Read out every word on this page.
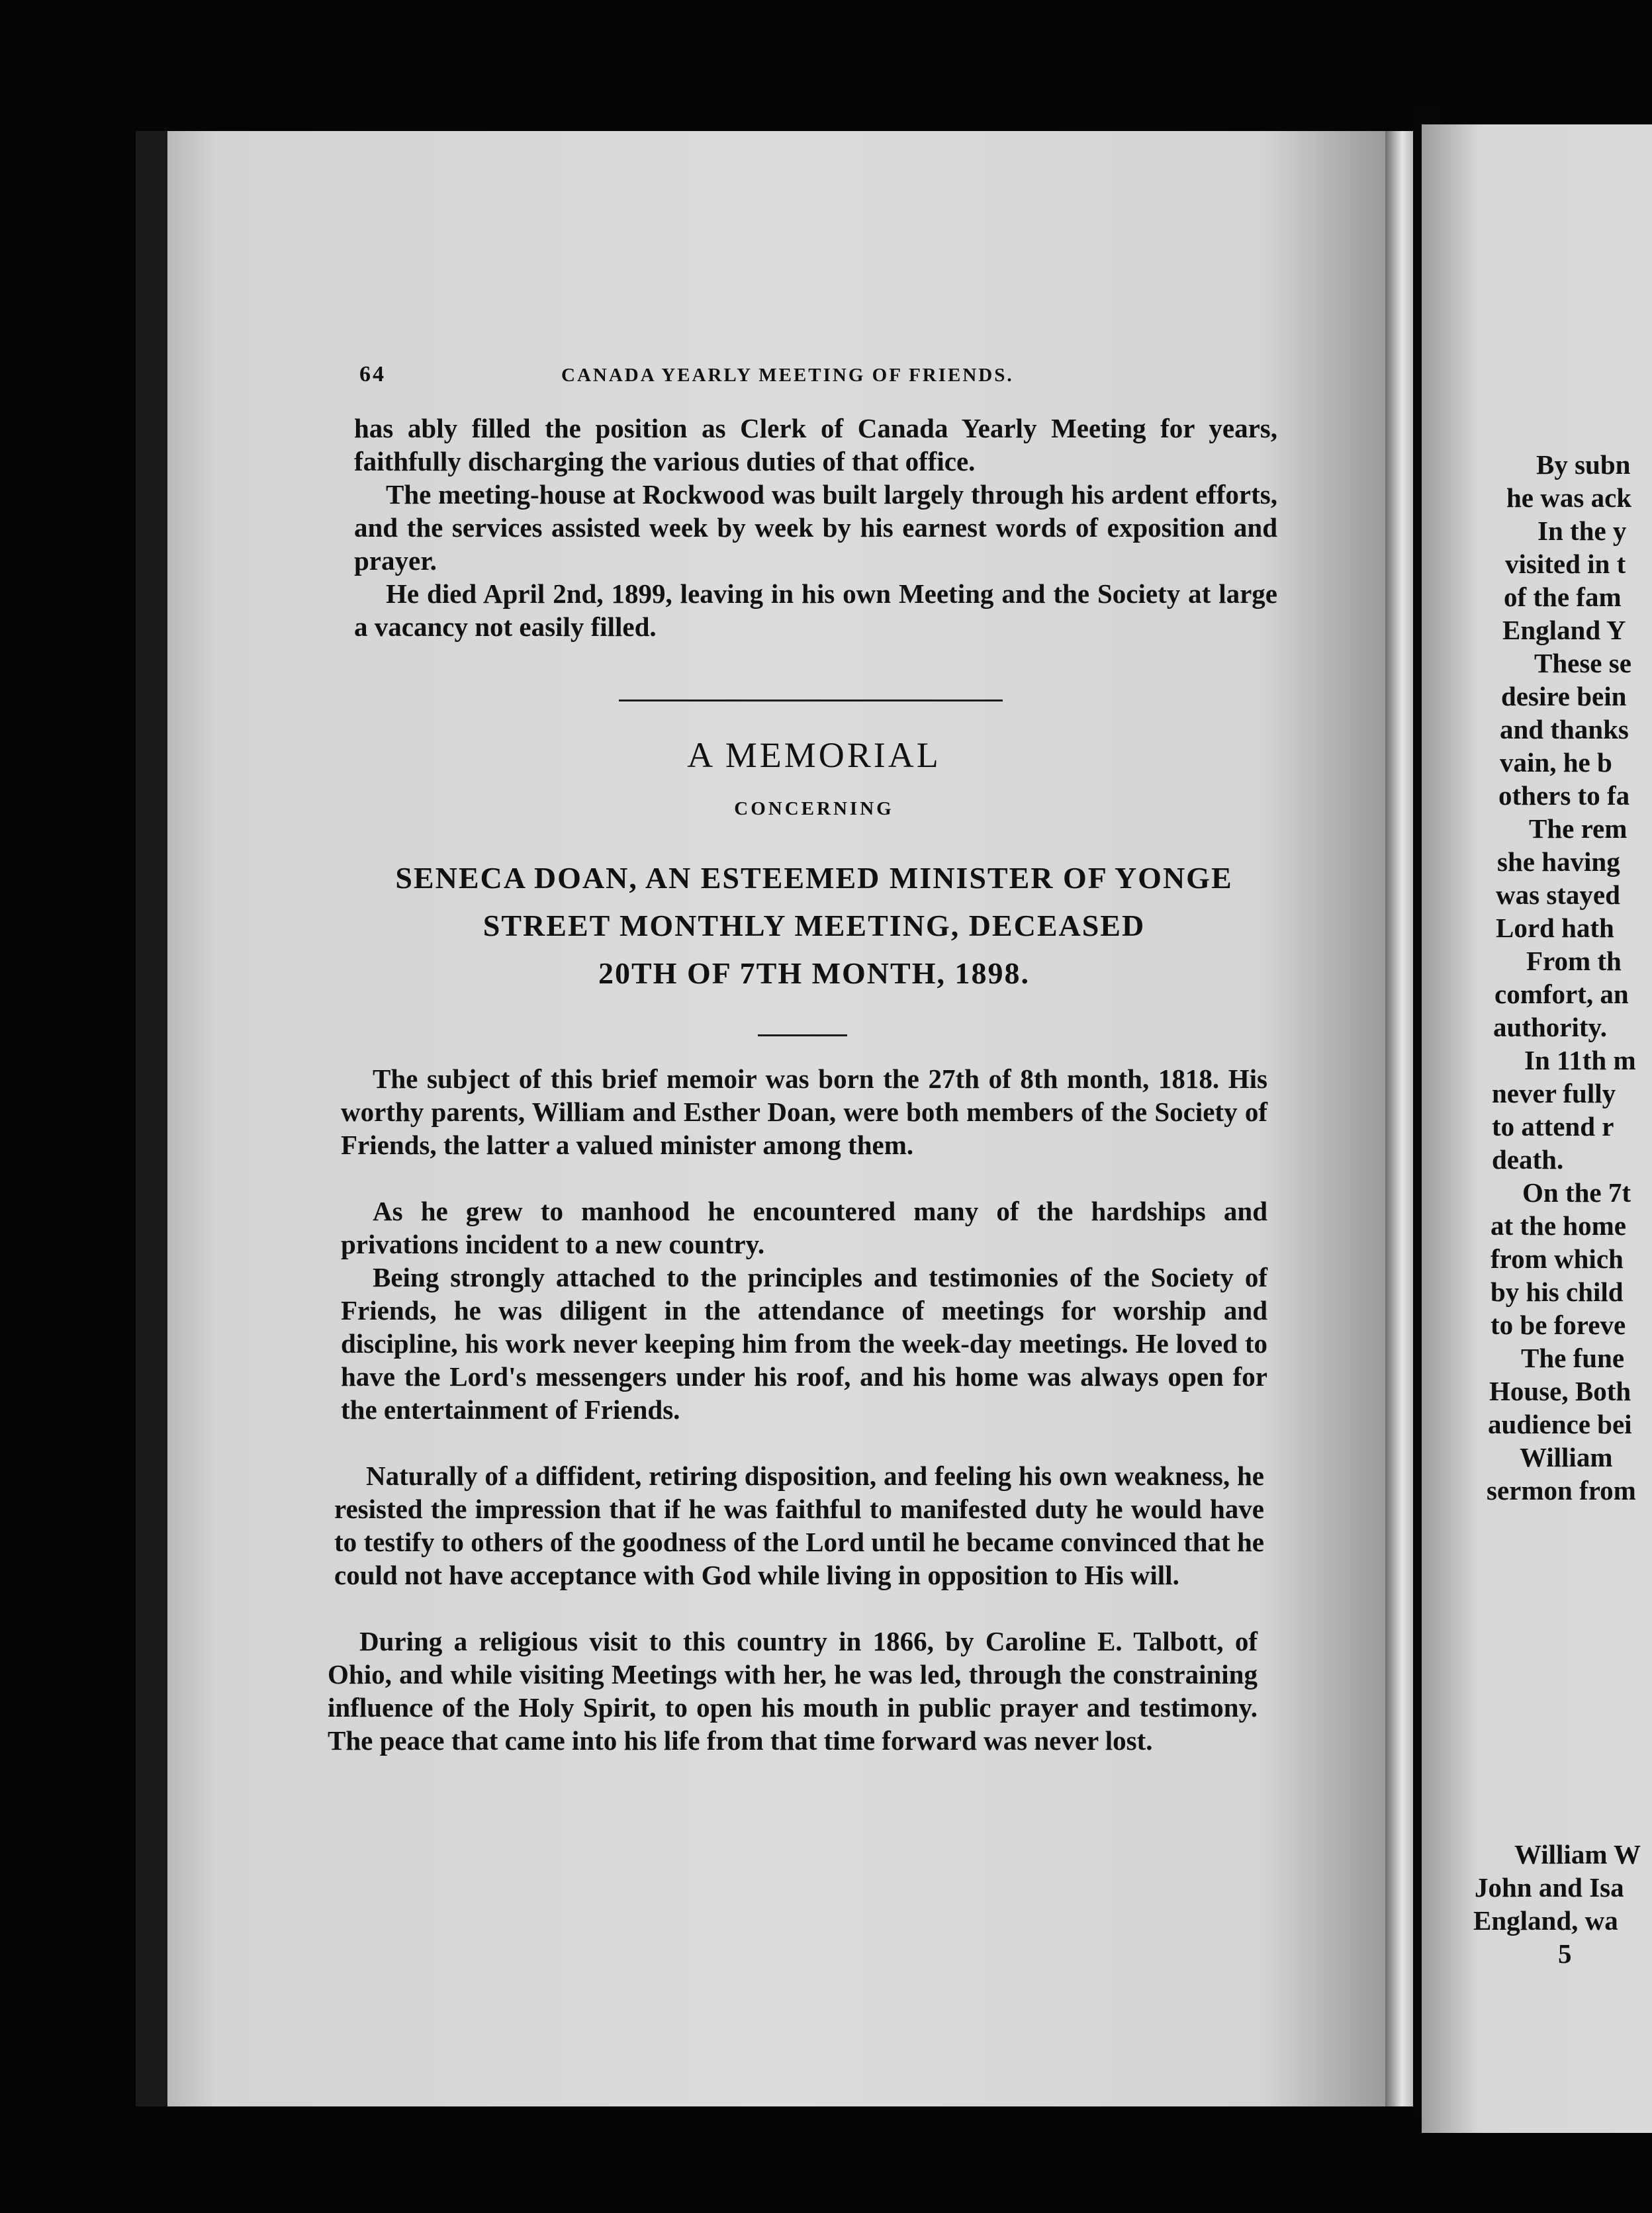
By subn
he was ack
In the y
visited in t
of the fam
England Y
These se
desire bein
and thanks
vain, he b
others to fa
The rem
she having
was stayed
Lord hath
From th
comfort, an
authority.
In 11th m
never fully
to attend r
death.
On the 7t
at the home
from which
by his child
to be foreve
The fune
House, Both
audience bei
William
sermon from
William W
John and Isa
England, wa
5
64	CANADA YEARLY MEETING OF FRIENDS.

has ably filled the position as Clerk of Canada Yearly Meeting for years, faithfully discharging the various duties of that office.

The meeting-house at Rockwood was built largely through his ardent efforts, and the services assisted week by week by his earnest words of exposition and prayer.

He died April 2nd, 1899, leaving in his own Meeting and the Society at large a vacancy not easily filled.

A MEMORIAL
CONCERNING
SENECA DOAN, AN ESTEEMED MINISTER OF YONGE
STREET MONTHLY MEETING, DECEASED
20TH OF 7TH MONTH, 1898.

The subject of this brief memoir was born the 27th of 8th month, 1818. His worthy parents, William and Esther Doan, were both members of the Society of Friends, the latter a valued minister among them.

As he grew to manhood he encountered many of the hardships and privations incident to a new country.

Being strongly attached to the principles and testimonies of the Society of Friends, he was diligent in the attendance of meetings for worship and discipline, his work never keeping him from the week-day meetings. He loved to have the Lord's messengers under his roof, and his home was always open for the entertainment of Friends.

Naturally of a diffident, retiring disposition, and feeling his own weakness, he resisted the impression that if he was faithful to manifested duty he would have to testify to others of the goodness of the Lord until he became convinced that he could not have acceptance with God while living in opposition to His will.

During a religious visit to this country in 1866, by Caroline E. Talbott, of Ohio, and while visiting Meetings with her, he was led, through the constraining influence of the Holy Spirit, to open his mouth in public prayer and testimony. The peace that came into his life from that time forward was never lost.
